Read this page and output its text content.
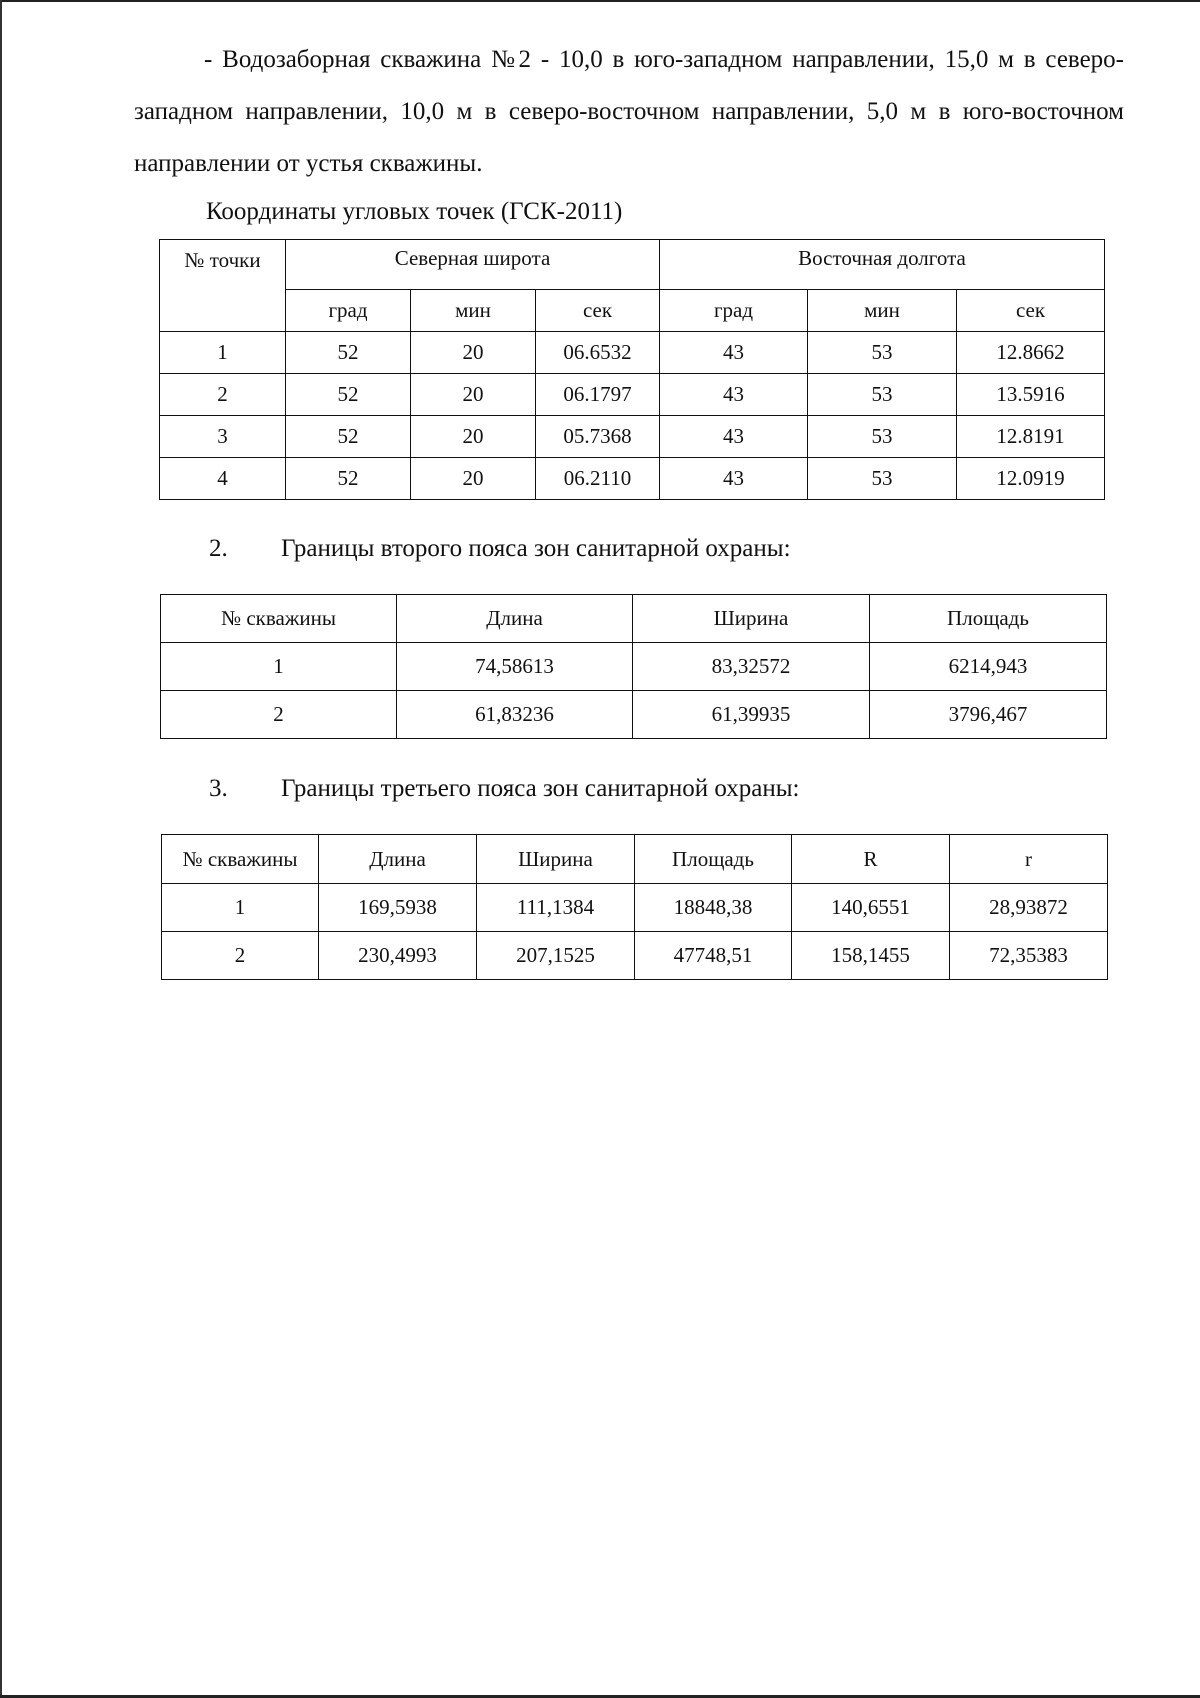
- Водозаборная скважина №2 - 10,0 в юго-западном направлении, 15,0 м в северо-западном направлении, 10,0 м в северо-восточном направлении, 5,0 м в юго-восточном направлении от устья скважины.
Координаты угловых точек (ГСК-2011)
№ точки	Северная широта			Восточная долгота		
	град	мин	сек	град	мин	сек
1	52	20	06.6532	43	53	12.8662
2	52	20	06.1797	43	53	13.5916
3	52	20	05.7368	43	53	12.8191
4	52	20	06.2110	43	53	12.0919
2. Границы второго пояса зон санитарной охраны:
№ скважины	Длина	Ширина	Площадь
1	74,58613	83,32572	6214,943
2	61,83236	61,39935	3796,467
3. Границы третьего пояса зон санитарной охраны:
№ скважины	Длина	Ширина	Площадь	R	r
1	169,5938	111,1384	18848,38	140,6551	28,93872
2	230,4993	207,1525	47748,51	158,1455	72,35383
